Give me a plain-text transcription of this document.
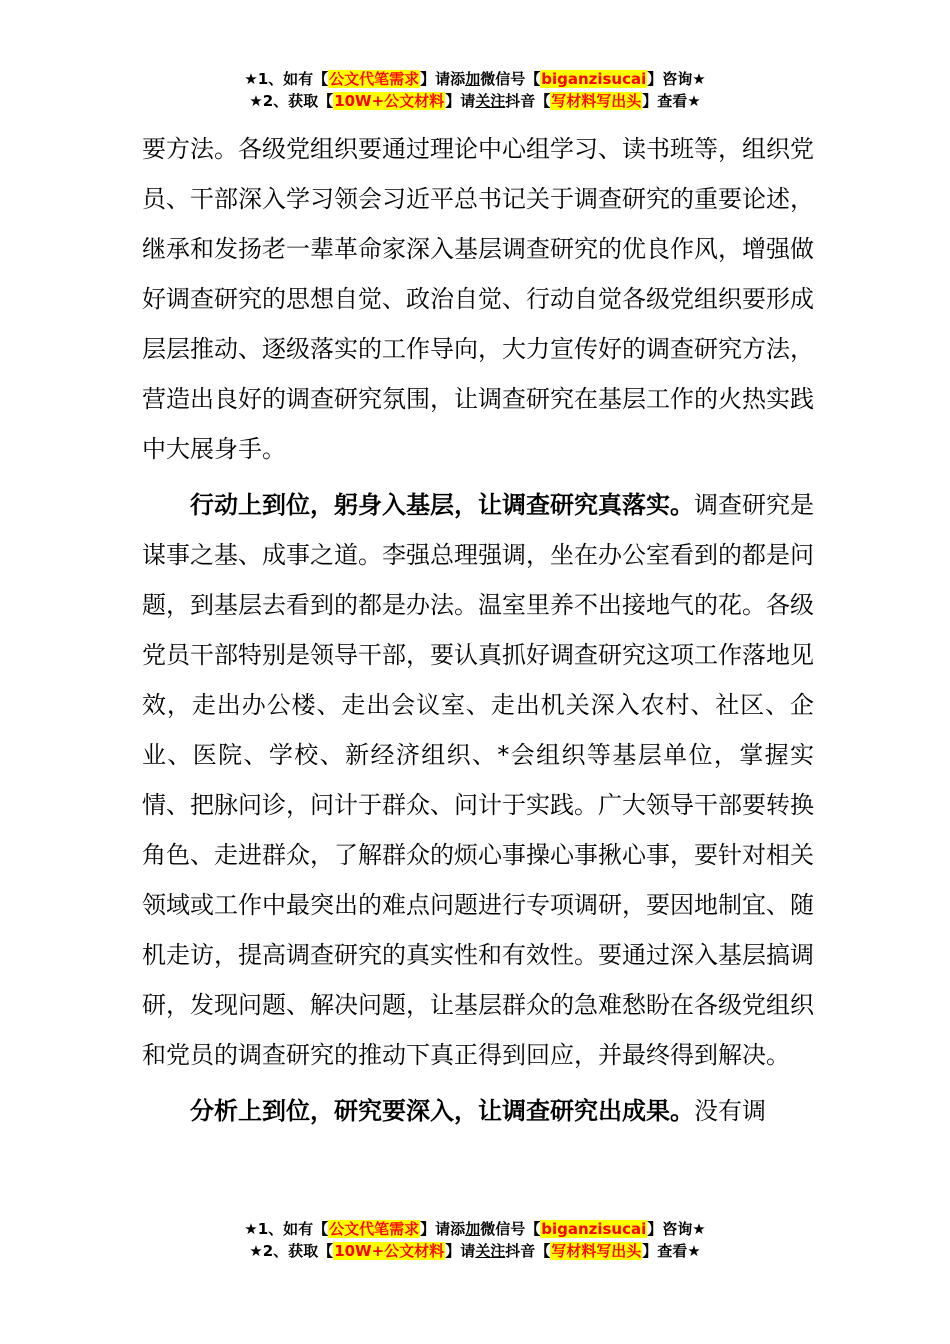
★1、如有【公文代笔需求】请添加微信号【biganzisucai】咨询★
★2、获取【10W+公文材料】请关注抖音【写材料写出头】查看★

要方法。各级党组织要通过理论中心组学习、读书班等，组织党员、干部深入学习领会习近平总书记关于调查研究的重要论述，继承和发扬老一辈革命家深入基层调查研究的优良作风，增强做好调查研究的思想自觉、政治自觉、行动自觉各级党组织要形成层层推动、逐级落实的工作导向，大力宣传好的调查研究方法，营造出良好的调查研究氛围，让调查研究在基层工作的火热实践中大展身手。

行动上到位，躬身入基层，让调查研究真落实。调查研究是谋事之基、成事之道。李强总理强调，坐在办公室看到的都是问题，到基层去看到的都是办法。温室里养不出接地气的花。各级党员干部特别是领导干部，要认真抓好调查研究这项工作落地见效，走出办公楼、走出会议室、走出机关深入农村、社区、企业、医院、学校、新经济组织、*会组织等基层单位，掌握实情、把脉问诊，问计于群众、问计于实践。广大领导干部要转换角色、走进群众，了解群众的烦心事操心事揪心事，要针对相关领域或工作中最突出的难点问题进行专项调研，要因地制宜、随机走访，提高调查研究的真实性和有效性。要通过深入基层搞调研，发现问题、解决问题，让基层群众的急难愁盼在各级党组织和党员的调查研究的推动下真正得到回应，并最终得到解决。

分析上到位，研究要深入，让调查研究出成果。没有调

★1、如有【公文代笔需求】请添加微信号【biganzisucai】咨询★
★2、获取【10W+公文材料】请关注抖音【写材料写出头】查看★
